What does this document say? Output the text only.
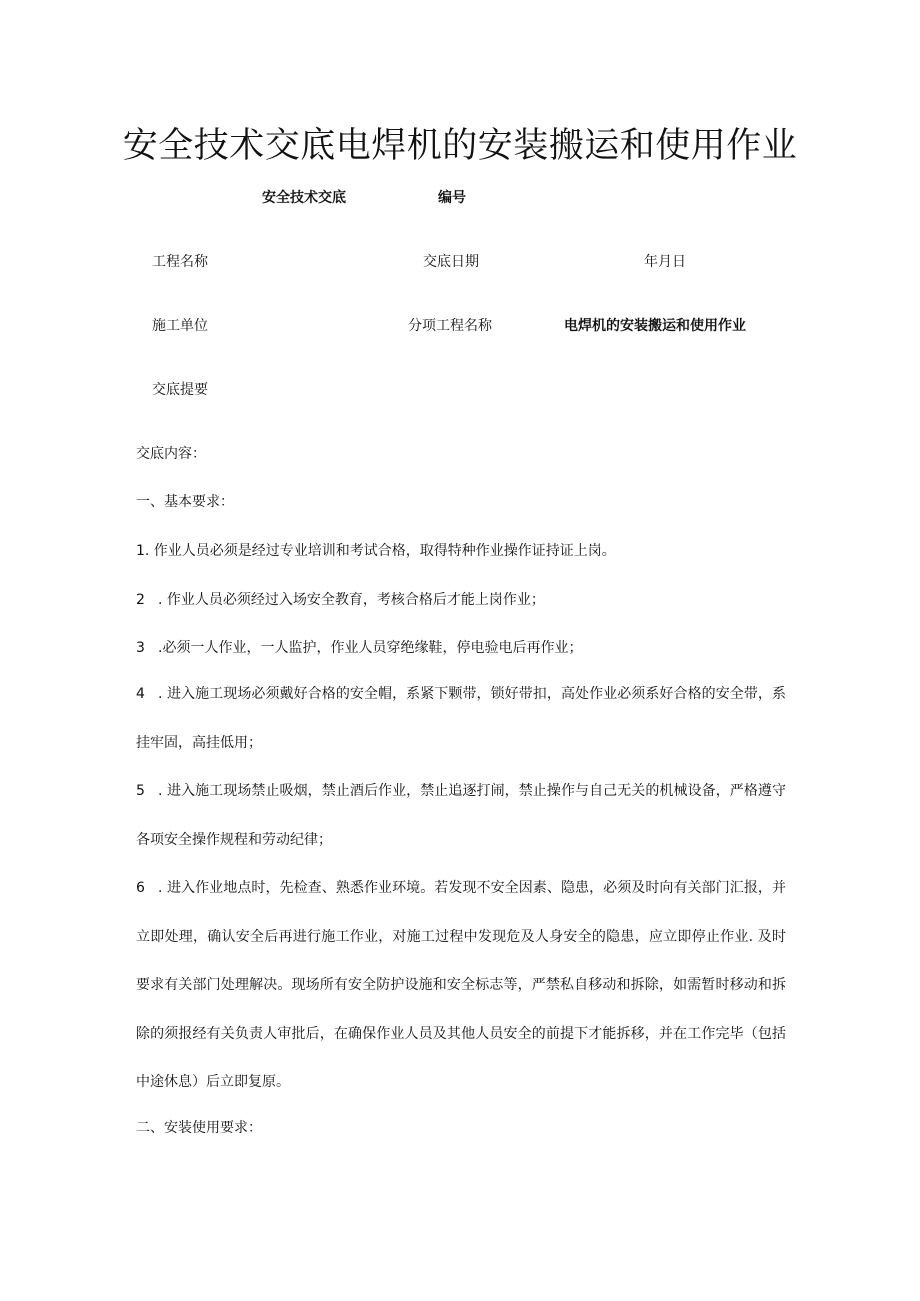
安全技术交底电焊机的安装搬运和使用作业
安全技术交底	编号
工程名称	交底日期	年月日
施工单位	分项工程名称	电焊机的安装搬运和使用作业
交底提要
交底内容：
一、基本要求：
1. 作业人员必须是经过专业培训和考试合格，取得特种作业操作证持证上岗。
2 . 作业人员必须经过入场安全教育，考核合格后才能上岗作业；
3 .必须一人作业，一人监护，作业人员穿绝缘鞋，停电验电后再作业；
4 . 进入施工现场必须戴好合格的安全帽，系紧下颗带，锁好带扣，高处作业必须系好合格的安全带，系挂牢固，高挂低用；
5 . 进入施工现场禁止吸烟，禁止酒后作业，禁止追逐打闹，禁止操作与自己无关的机械设备，严格遵守各项安全操作规程和劳动纪律；
6 . 进入作业地点时，先检查、熟悉作业环境。若发现不安全因素、隐患，必须及时向有关部门汇报，并立即处理，确认安全后再进行施工作业，对施工过程中发现危及人身安全的隐患，应立即停止作业. 及时要求有关部门处理解决。现场所有安全防护设施和安全标志等，严禁私自移动和拆除，如需暂时移动和拆除的须报经有关负责人审批后，在确保作业人员及其他人员安全的前提下才能拆移，并在工作完毕（包括中途休息）后立即复原。
二、安装使用要求：
